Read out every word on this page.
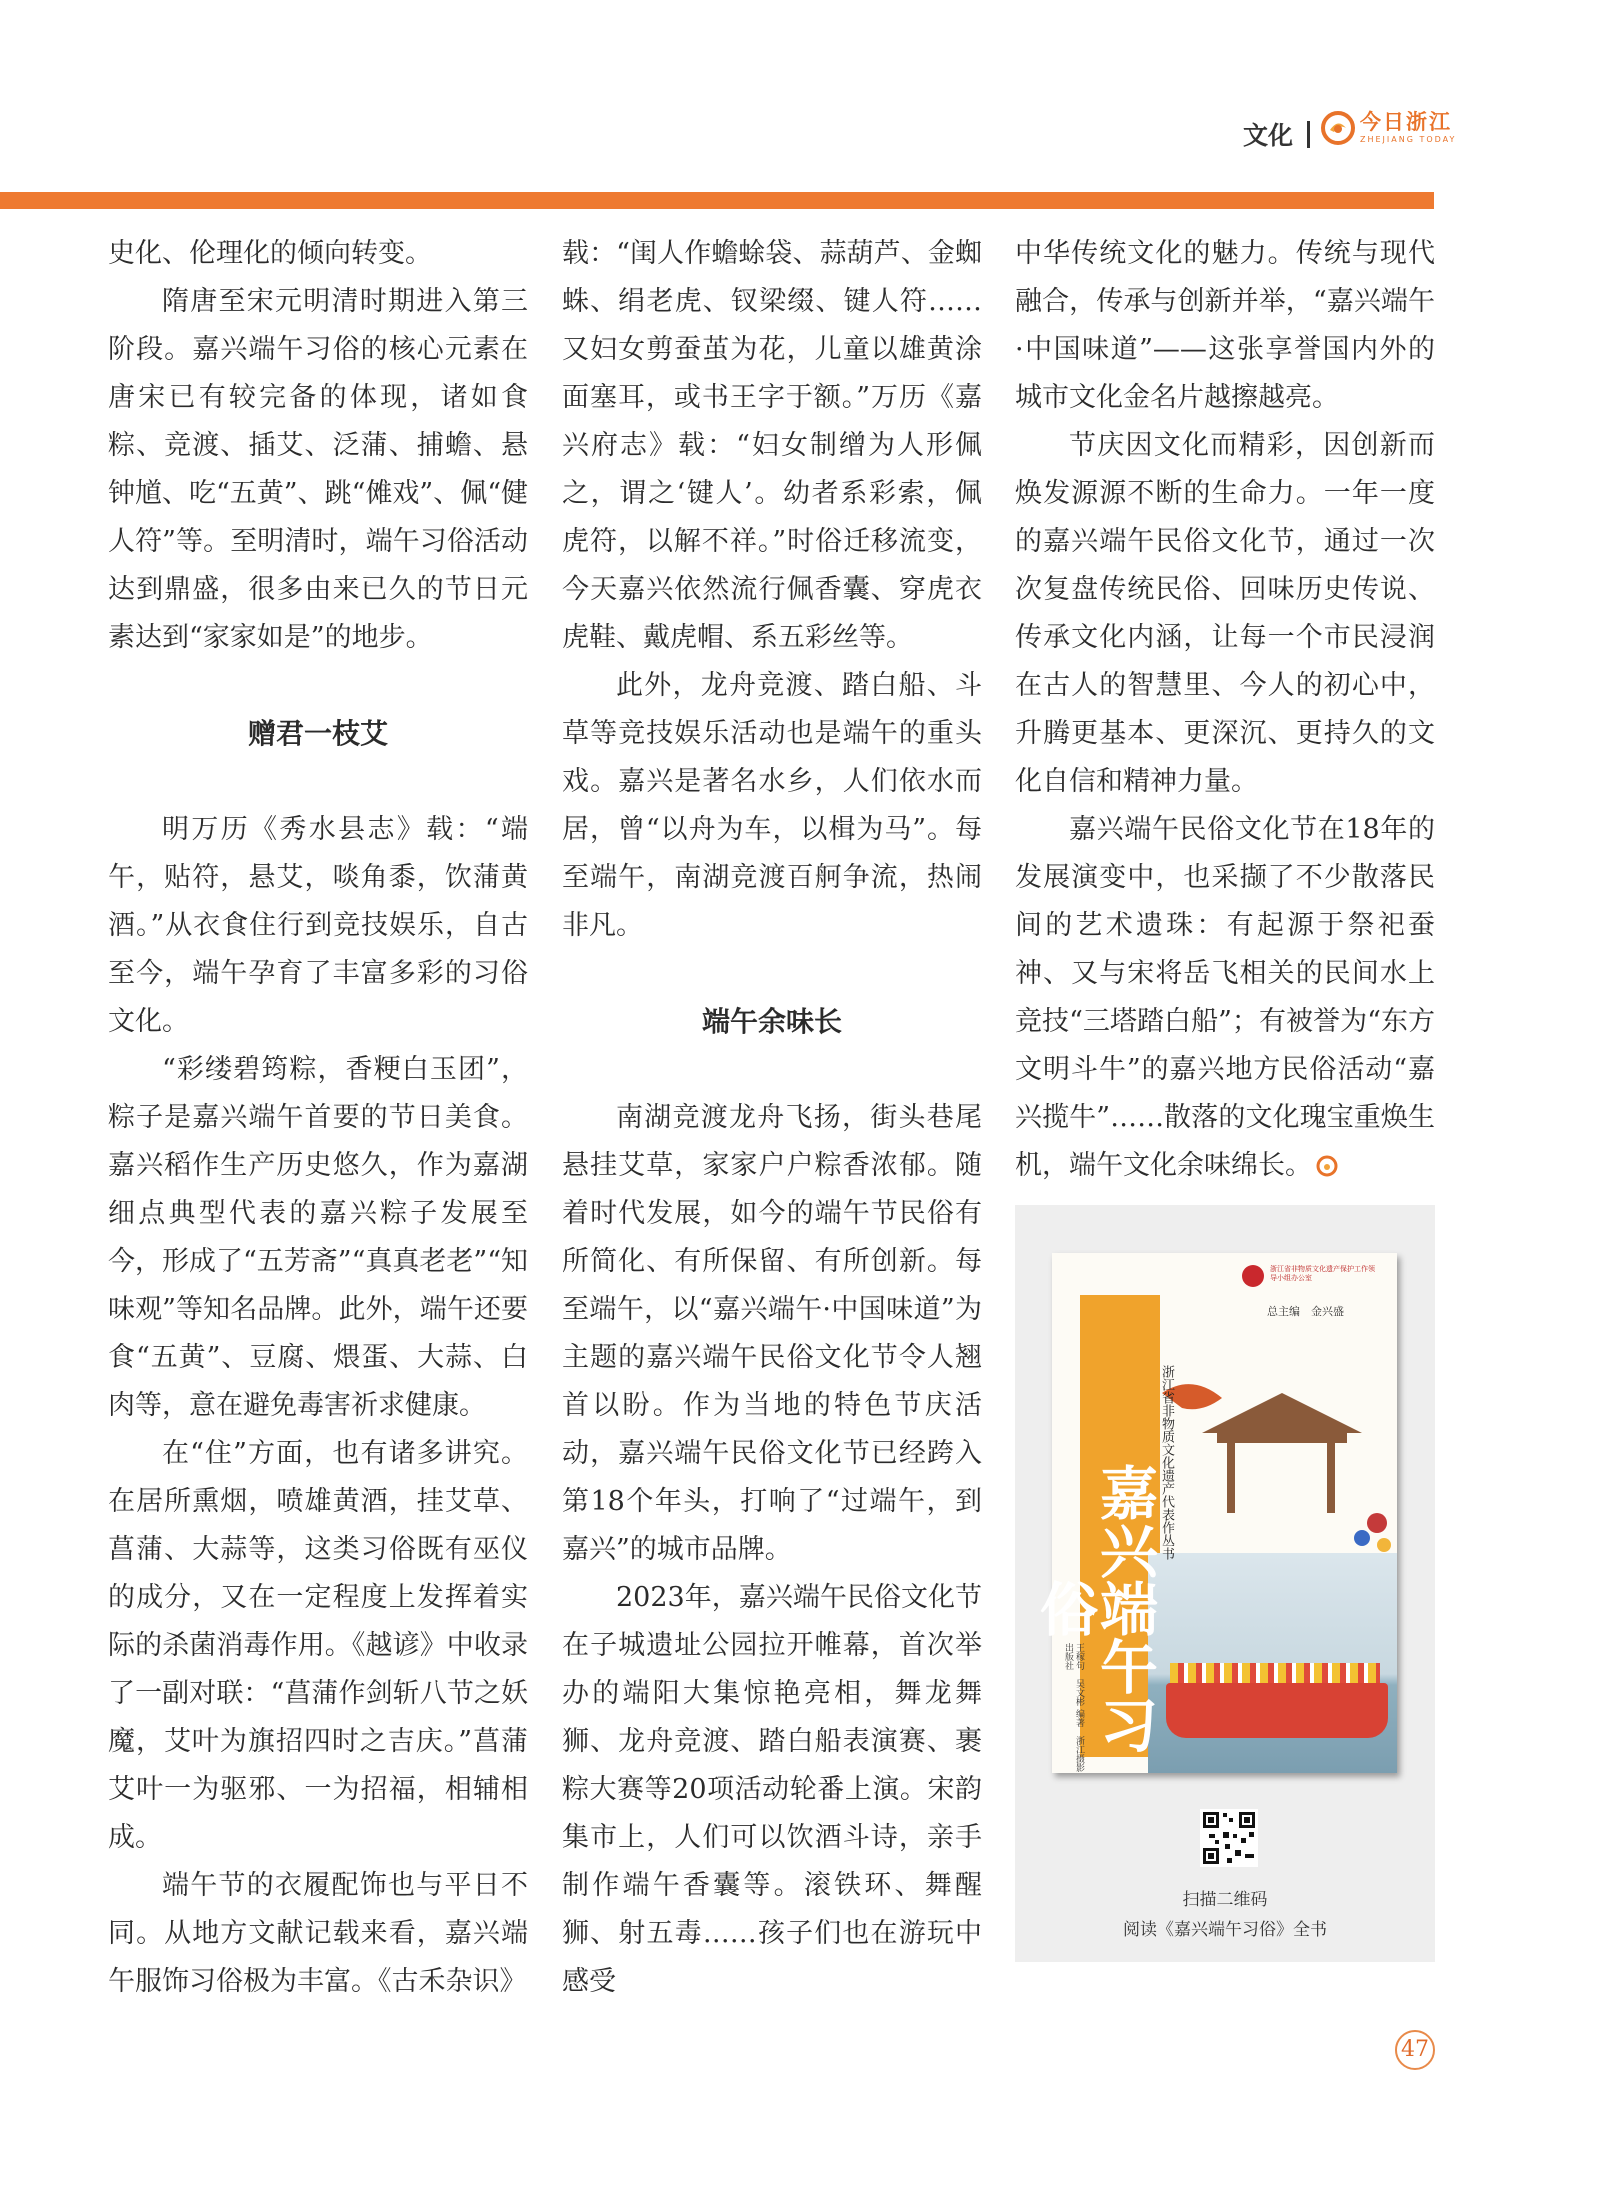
文化	今日浙江
ZHEJIANG TODAY

史化、伦理化的倾向转变。

隋唐至宋元明清时期进入第三阶段。嘉兴端午习俗的核心元素在唐宋已有较完备的体现，诸如食粽、竞渡、插艾、泛蒲、捕蟾、悬钟馗、吃“五黄”、跳“傩戏”、佩“健人符”等。至明清时，端午习俗活动达到鼎盛，很多由来已久的节日元素达到“家家如是”的地步。

赠君一枝艾

明万历《秀水县志》载：“端午，贴符，悬艾，啖角黍，饮蒲黄酒。”从衣食住行到竞技娱乐，自古至今，端午孕育了丰富多彩的习俗文化。

“彩缕碧筠粽，香粳白玉团”，粽子是嘉兴端午首要的节日美食。嘉兴稻作生产历史悠久，作为嘉湖细点典型代表的嘉兴粽子发展至今，形成了“五芳斋”“真真老老”“知味观”等知名品牌。此外，端午还要食“五黄”、豆腐、煨蛋、大蒜、白肉等，意在避免毒害祈求健康。

在“住”方面，也有诸多讲究。在居所熏烟，喷雄黄酒，挂艾草、菖蒲、大蒜等，这类习俗既有巫仪的成分，又在一定程度上发挥着实际的杀菌消毒作用。《越谚》中收录了一副对联：“菖蒲作剑斩八节之妖魔，艾叶为旗招四时之吉庆。”菖蒲艾叶一为驱邪、一为招福，相辅相成。

端午节的衣履配饰也与平日不同。从地方文献记载来看，嘉兴端午服饰习俗极为丰富。《古禾杂识》

载：“闺人作蟾蜍袋、蒜葫芦、金蜘蛛、绢老虎、钗梁缀、键人符……又妇女剪蚕茧为花，儿童以雄黄涂面塞耳，或书王字于额。”万历《嘉兴府志》载：“妇女制缯为人形佩之，谓之‘键人’。幼者系彩索，佩虎符，以解不祥。”时俗迁移流变，今天嘉兴依然流行佩香囊、穿虎衣虎鞋、戴虎帽、系五彩丝等。

此外，龙舟竞渡、踏白船、斗草等竞技娱乐活动也是端午的重头戏。嘉兴是著名水乡，人们依水而居，曾“以舟为车，以楫为马”。每至端午，南湖竞渡百舸争流，热闹非凡。

端午余味长

南湖竞渡龙舟飞扬，街头巷尾悬挂艾草，家家户户粽香浓郁。随着时代发展，如今的端午节民俗有所简化、有所保留、有所创新。每至端午，以“嘉兴端午·中国味道”为主题的嘉兴端午民俗文化节令人翘首以盼。作为当地的特色节庆活动，嘉兴端午民俗文化节已经跨入第18个年头，打响了“过端午，到嘉兴”的城市品牌。

2023年，嘉兴端午民俗文化节在子城遗址公园拉开帷幕，首次举办的端阳大集惊艳亮相，舞龙舞狮、龙舟竞渡、踏白船表演赛、裹粽大赛等20项活动轮番上演。宋韵集市上，人们可以饮酒斗诗，亲手制作端午香囊等。滚铁环、舞醒狮、射五毒……孩子们也在游玩中感受

中华传统文化的魅力。传统与现代融合，传承与创新并举，“嘉兴端午·中国味道”——这张享誉国内外的城市文化金名片越擦越亮。

节庆因文化而精彩，因创新而焕发源源不断的生命力。一年一度的嘉兴端午民俗文化节，通过一次次复盘传统民俗、回味历史传说、传承文化内涵，让每一个市民浸润在古人的智慧里、今人的初心中，升腾更基本、更深沉、更持久的文化自信和精神力量。

嘉兴端午民俗文化节在18年的发展演变中，也采撷了不少散落民间的艺术遗珠：有起源于祭祀蚕神、又与宋将岳飞相关的民间水上竞技“三塔踏白船”；有被誉为“东方文明斗牛”的嘉兴地方民俗活动“嘉兴揽牛”……散落的文化瑰宝重焕生机，端午文化余味绵长。

浙江省非物质文化遗产保护工作领导小组办公室
总主编　金兴盛
嘉兴端午习俗
浙江省非物质文化遗产代表作丛书
王稼句　吴文彬 编著　浙江摄影出版社
扫描二维码
阅读《嘉兴端午习俗》全书
47
